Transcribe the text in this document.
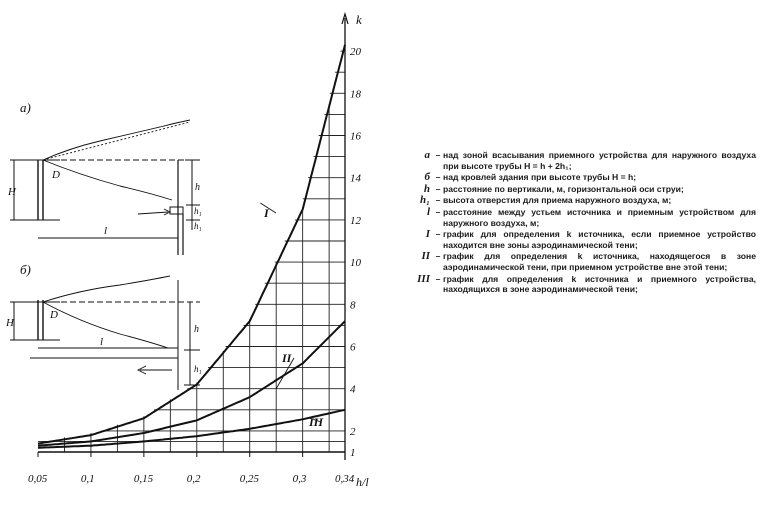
а)
H
D
h
h₁
h₁
l
б)
H
D
h
h₁
l
0,05	0,1	0,15	0,2	0,25	0,3	0,34
1
2
4
6
8
10
12
14
16
18
20
I
II
III
k
h/l
а – над зоной всасывания приемного устройства для наружного воздуха при высоте трубы H = h + 2h₁;
б – над кровлей здания при высоте трубы H = h;
h – расстояние по вертикали, м, горизонтальной оси струи;
h₁ – высота отверстия для приема наружного воздуха, м;
l – расстояние между устьем источника и приемным устройством для наружного воздуха, м;
I – график для определения k источника, если приемное устройство находится вне зоны аэродинамической тени;
II – график для определения k источника, находящегося в зоне аэродинамической тени, при приемном устройстве вне этой тени;
III – график для определения k источника и приемного устройства, находящихся в зоне аэродинамической тени;
